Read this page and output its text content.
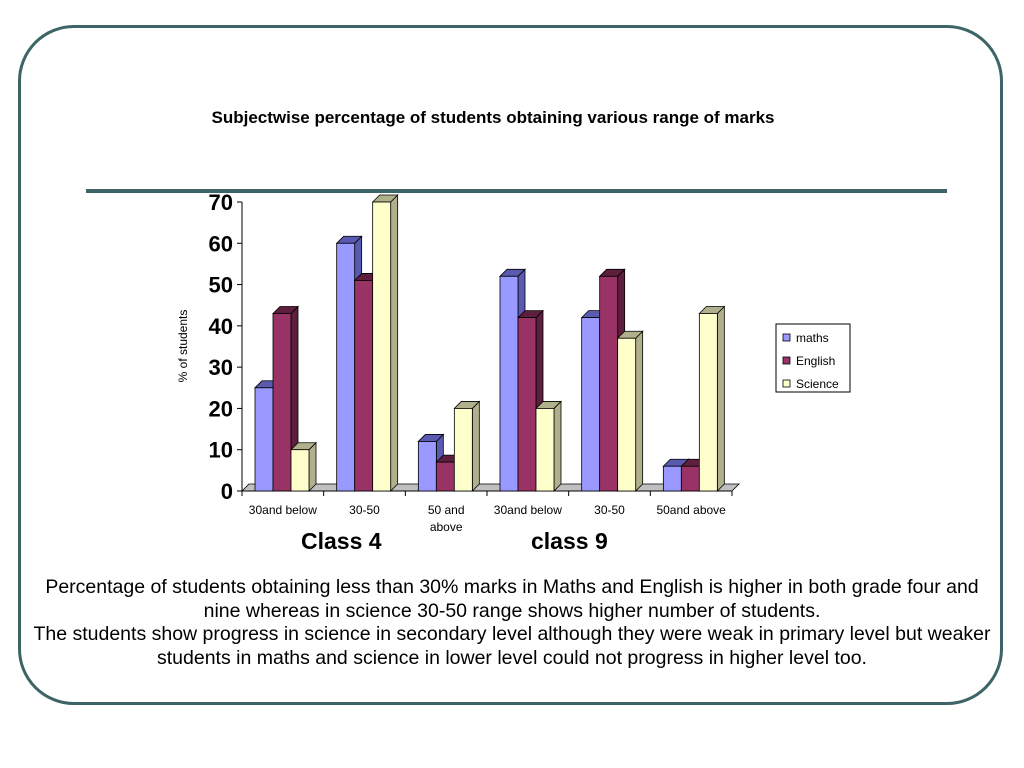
Subjectwise percentage of students obtaining various range of marks
0
10
20
30
40
50
60
70
% of students
30and below	30-50	50 and above
30and below	30-50	50and above
maths
English
Science
Class 4	class 9

Percentage of students obtaining less than 30% marks in Maths and English is higher in both grade four and nine whereas in science 30-50 range shows higher number of students.

The students show progress in science in secondary level although they were weak in primary level but weaker students in maths and science in lower level could not progress in higher level too.
